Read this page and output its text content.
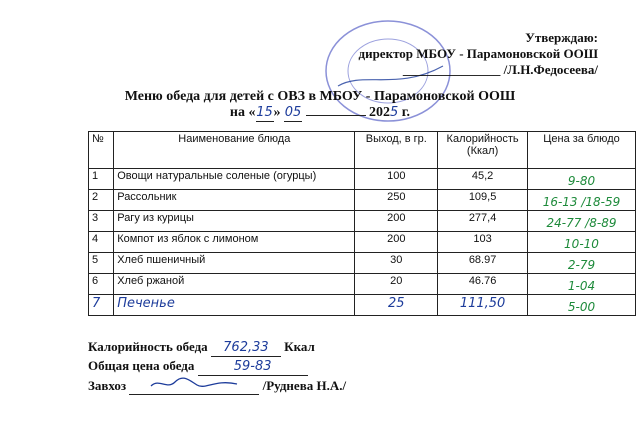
Утверждаю:
директор МБОУ - Парамоновской ООШ
_______________ /Л.Н.Федосеева/
Меню обеда для детей с ОВЗ в МБОУ - Парамоновской ООШ
на «15» 05	2025 г.
№	Наименование блюда	Выход, в гр.	Калорийность (Ккал)	Цена за блюдо
1	Овощи натуральные соленые (огурцы)	100	45,2	9-80
2	Рассольник	250	109,5	16-13 /18-59
3	Рагу из курицы	200	277,4	24-77 /8-89
4	Компот из яблок с лимоном	200	103	10-10
5	Хлеб пшеничный	30	68.97	2-79
6	Хлеб ржаной	20	46.76	1-04
7	Печенье	25	111,50	5-00
Калорийность обеда 762,33 Ккал
Общая цена обеда	59-83
Завхоз	/Руднева Н.А./
